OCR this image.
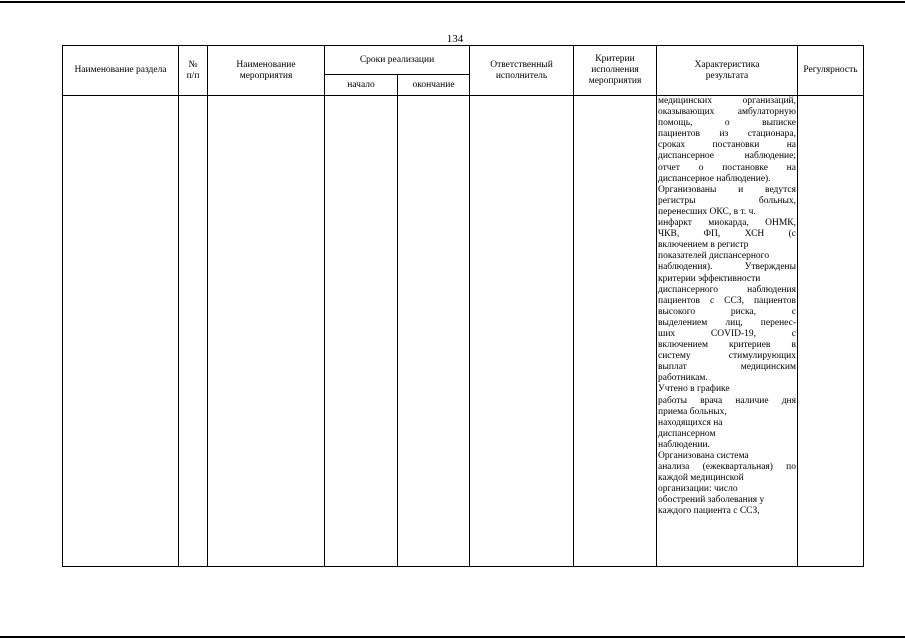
134
Наименование раздела
№
п/п
Наименование
мероприятия
Сроки реализации
начало	окончание
Ответственный
исполнитель
Критерии
исполнения
мероприятия
Характеристика
результата
Регулярность
медицинских организаций,
оказывающих амбулаторную
помощь, о выписке
пациентов из стационара,
сроках постановки на
диспансерное наблюдение;
отчет о постановке на
диспансерное наблюдение).
Организованы и ведутся
регистры больных,
перенесших ОКС, в т. ч.
инфаркт миокарда, ОНМК,
ЧКВ, ФП, ХСН (с
включением в регистр
показателей диспансерного
наблюдения). Утверждены
критерии эффективности
диспансерного наблюдения
пациентов с ССЗ, пациентов
высокого риска, с
выделением лиц, перенес-
ших COVID-19, с
включением критериев в
систему стимулирующих
выплат медицинским
работникам.
Учтено в графике
работы врача наличие дня
приема больных,
находящихся на
диспансерном
наблюдении.
Организована система
анализа (ежеквартальная) по
каждой медицинской
организации: число
обострений заболевания у
каждого пациента с ССЗ,
